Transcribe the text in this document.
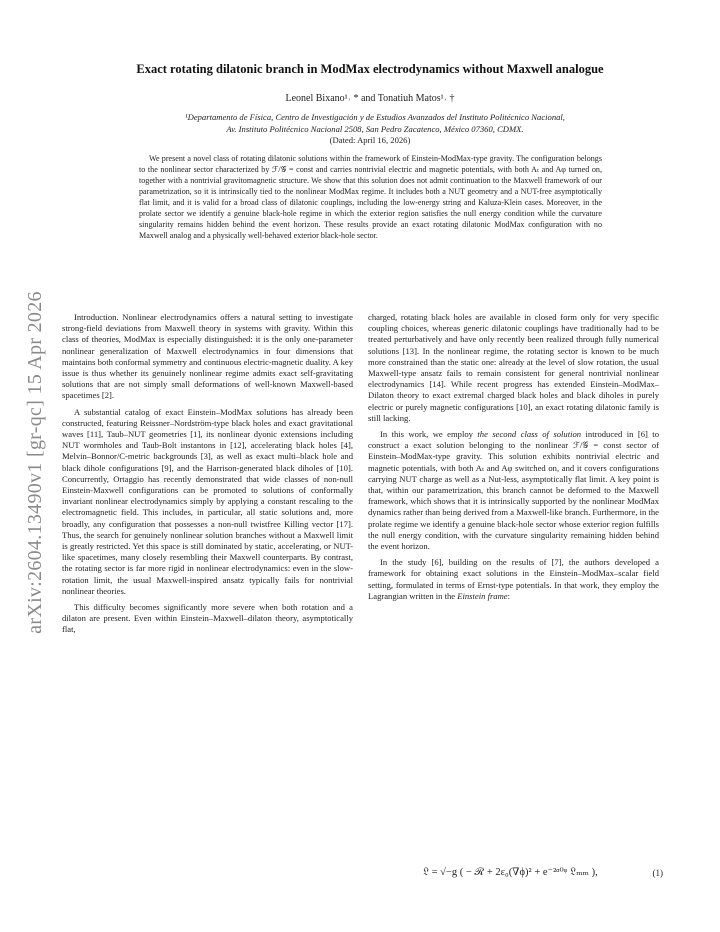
arXiv:2604.13490v1 [gr-qc] 15 Apr 2026
Exact rotating dilatonic branch in ModMax electrodynamics without Maxwell analogue
Leonel Bixano¹˒ * and Tonatiuh Matos¹˒ †
¹Departamento de Física, Centro de Investigación y de Estudios Avanzados del Instituto Politécnico Nacional,
Av. Instituto Politécnico Nacional 2508, San Pedro Zacatenco, México 07360, CDMX.
(Dated: April 16, 2026)
We present a novel class of rotating dilatonic solutions within the framework of Einstein-ModMax-type gravity. The configuration belongs to the nonlinear sector characterized by ℱ/𝒢 = const and carries nontrivial electric and magnetic potentials, with both Aₜ and Aφ turned on, together with a nontrivial gravitomagnetic structure. We show that this solution does not admit continuation to the Maxwell framework of our parametrization, so it is intrinsically tied to the nonlinear ModMax regime. It includes both a NUT geometry and a NUT-free asymptotically flat limit, and it is valid for a broad class of dilatonic couplings, including the low-energy string and Kaluza-Klein cases. Moreover, in the prolate sector we identify a genuine black-hole regime in which the exterior region satisfies the null energy condition while the curvature singularity remains hidden behind the event horizon. These results provide an exact rotating dilatonic ModMax configuration with no Maxwell analog and a physically well-behaved exterior black-hole sector.

Introduction. Nonlinear electrodynamics offers a natural setting to investigate strong-field deviations from Maxwell theory in systems with gravity. Within this class of theories, ModMax is especially distinguished: it is the only one-parameter nonlinear generalization of Maxwell electrodynamics in four dimensions that maintains both conformal symmetry and continuous electric-magnetic duality. A key issue is thus whether its genuinely nonlinear regime admits exact self-gravitating solutions that are not simply small deformations of well-known Maxwell-based spacetimes [2].

A substantial catalog of exact Einstein–ModMax solutions has already been constructed, featuring Reissner–Nordström-type black holes and exact gravitational waves [11], Taub–NUT geometries [1], its nonlinear dyonic extensions including NUT wormholes and Taub-Bolt instantons in [12], accelerating black holes [4], Melvin–Bonnor/C-metric backgrounds [3], as well as exact multi–black hole and black dihole configurations [9], and the Harrison-generated black diholes of [10]. Concurrently, Ortaggio has recently demonstrated that wide classes of non-null Einstein-Maxwell configurations can be promoted to solutions of conformally invariant nonlinear electrodynamics simply by applying a constant rescaling to the electromagnetic field. This includes, in particular, all static solutions and, more broadly, any configuration that possesses a non-null twistfree Killing vector [17]. Thus, the search for genuinely nonlinear solution branches without a Maxwell limit is greatly restricted. Yet this space is still dominated by static, accelerating, or NUT-like spacetimes, many closely resembling their Maxwell counterparts. By contrast, the rotating sector is far more rigid in nonlinear electrodynamics: even in the slow-rotation limit, the usual Maxwell-inspired ansatz typically fails for nontrivial nonlinear theories.

This difficulty becomes significantly more severe when both rotation and a dilaton are present. Even within Einstein–Maxwell–dilaton theory, asymptotically flat,

charged, rotating black holes are available in closed form only for very specific coupling choices, whereas generic dilatonic couplings have traditionally had to be treated perturbatively and have only recently been realized through fully numerical solutions [13]. In the nonlinear regime, the rotating sector is known to be much more constrained than the static one: already at the level of slow rotation, the usual Maxwell-type ansatz fails to remain consistent for general nontrivial nonlinear electrodynamics [14]. While recent progress has extended Einstein–ModMax–Dilaton theory to exact extremal charged black holes and black diholes in purely electric or purely magnetic configurations [10], an exact rotating dilatonic family is still lacking.

In this work, we employ the second class of solution introduced in [6] to construct a exact solution belonging to the nonlinear ℱ/𝒢 = const sector of Einstein–ModMax-type gravity. This solution exhibits nontrivial electric and magnetic potentials, with both Aₜ and Aφ switched on, and it covers configurations carrying NUT charge as well as a Nut-less, asymptotically flat limit. A key point is that, within our parametrization, this branch cannot be deformed to the Maxwell framework, which shows that it is intrinsically supported by the nonlinear ModMax dynamics rather than being derived from a Maxwell-like branch. Furthermore, in the prolate regime we identify a genuine black-hole sector whose exterior region fulfills the null energy condition, with the curvature singularity remaining hidden behind the event horizon.

In the study [6], building on the results of [7], the authors developed a framework for obtaining exact solutions in the Einstein–ModMax–scalar field setting, formulated in terms of Ernst-type potentials. In that work, they employ the Lagrangian written in the Einstein frame:

𝔏 = √−g ( − ℛ + 2ε₀(∇ϕ)² + e⁻²ᵅ⁰ᵠ 𝔏ₘₘ ),	(1)
